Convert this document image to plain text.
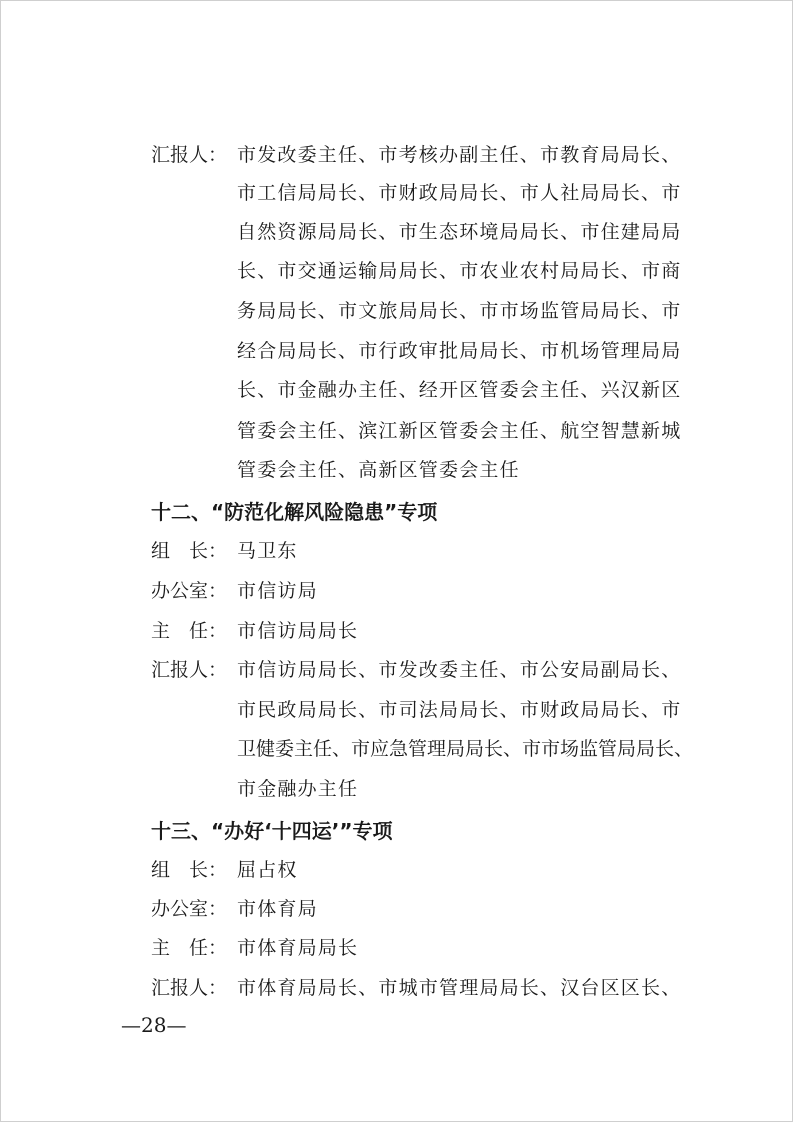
汇报人： 市发改委主任、市考核办副主任、市教育局局长、
市工信局局长、市财政局局长、市人社局局长、市
自然资源局局长、市生态环境局局长、市住建局局
长、市交通运输局局长、市农业农村局局长、市商
务局局长、市文旅局局长、市市场监管局局长、市
经合局局长、市行政审批局局长、市机场管理局局
长、市金融办主任、经开区管委会主任、兴汉新区
管委会主任、滨江新区管委会主任、航空智慧新城
管委会主任、高新区管委会主任
十二、“防范化解风险隐患”专项
组　长： 马卫东
办公室： 市信访局
主　任： 市信访局局长
汇报人： 市信访局局长、市发改委主任、市公安局副局长、
市民政局局长、市司法局局长、市财政局局长、市
卫健委主任、市应急管理局局长、市市场监管局局长、
市金融办主任
十三、“办好‘十四运’”专项
组　长： 屈占权
办公室： 市体育局
主　任： 市体育局局长
汇报人： 市体育局局长、市城市管理局局长、汉台区区长、
—28—
